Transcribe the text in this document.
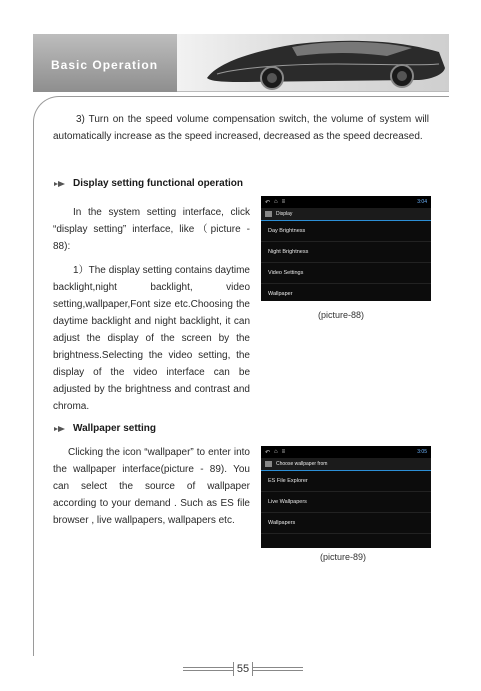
Basic Operation

3) Turn on the speed volume compensation switch, the volume of system will automatically increase as the speed increased, decreased as the speed decreased.

Display setting functional operation

In the system setting interface, click “display setting” interface, like（picture - 88):

1）The display setting contains daytime backlight,night backlight, video setting,wallpaper,Font size etc.Choosing the daytime backlight and night backlight, it can adjust the display of the screen by the brightness.Selecting the video setting, the display of the video interface can be adjusted by the brightness and contrast and chroma.

↶ ⌂ ≡	3:04
Display
Day Brightness
Night Brightness
Video Settings
Wallpaper
(picture-88)
Wallpaper setting

Clicking the icon “wallpaper” to enter into the wallpaper interface(picture - 89). You can select the source of wallpaper according to your demand . Such as ES file browser , live wallpapers, wallpapers etc.

↶ ⌂ ≡	3:05
Choose wallpaper from
ES File Explorer
Live Wallpapers
Wallpapers
(picture-89)
55
